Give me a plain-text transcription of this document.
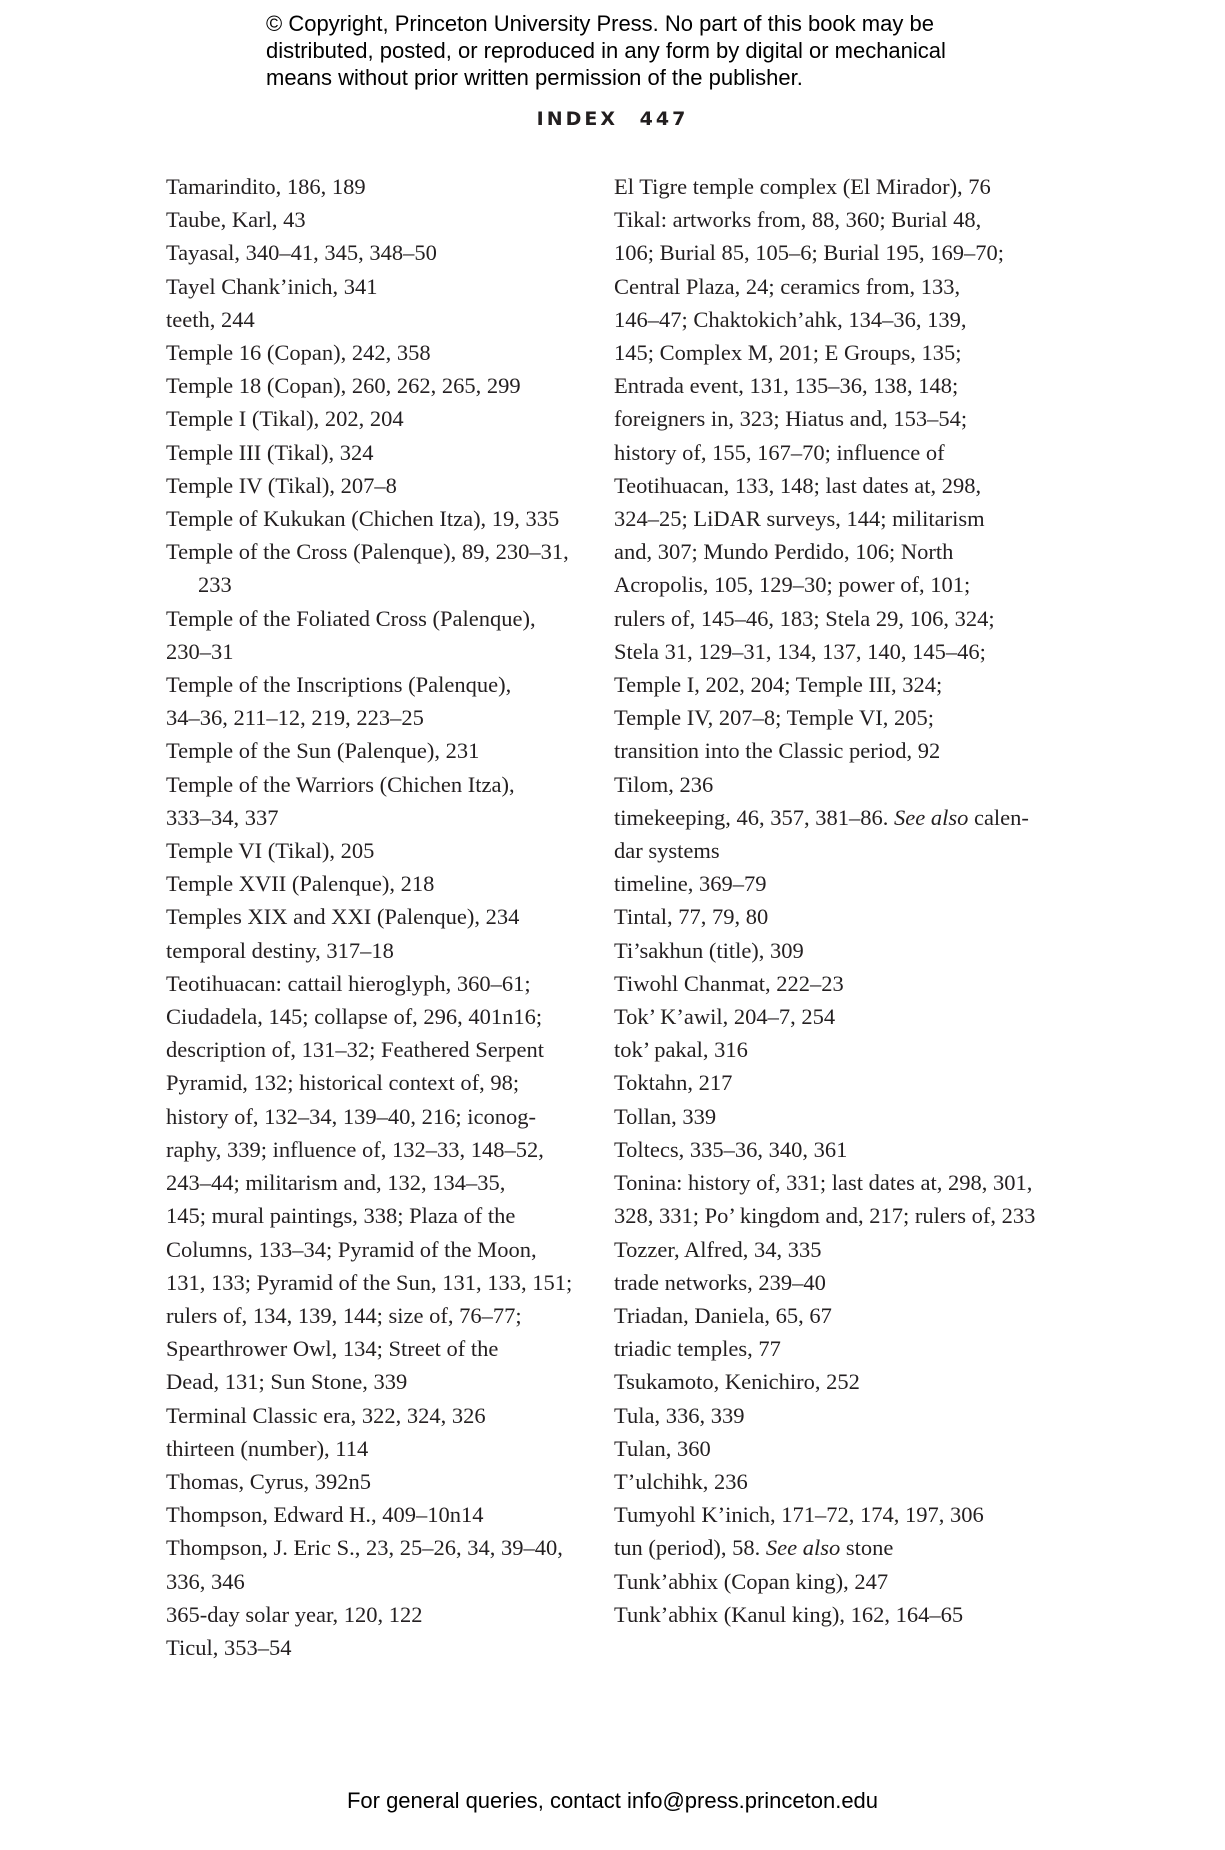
© Copyright, Princeton University Press. No part of this book may be
distributed, posted, or reproduced in any form by digital or mechanical
means without prior written permission of the publisher.
INDEX 447
Tamarindito, 186, 189
Taube, Karl, 43
Tayasal, 340–41, 345, 348–50
Tayel Chank’inich, 341
teeth, 244
Temple 16 (Copan), 242, 358
Temple 18 (Copan), 260, 262, 265, 299
Temple I (Tikal), 202, 204
Temple III (Tikal), 324
Temple IV (Tikal), 207–8
Temple of Kukukan (Chichen Itza), 19, 335
Temple of the Cross (Palenque), 89, 230–31, 233
Temple of the Foliated Cross (Palenque),
230–31
Temple of the Inscriptions (Palenque),
34–36, 211–12, 219, 223–25
Temple of the Sun (Palenque), 231
Temple of the Warriors (Chichen Itza),
333–34, 337
Temple VI (Tikal), 205
Temple XVII (Palenque), 218
Temples XIX and XXI (Palenque), 234
temporal destiny, 317–18
Teotihuacan: cattail hieroglyph, 360–61;
Ciudadela, 145; collapse of, 296, 401n16;
description of, 131–32; Feathered Serpent
Pyramid, 132; historical context of, 98;
history of, 132–34, 139–40, 216; iconog-
raphy, 339; influence of, 132–33, 148–52,
243–44; militarism and, 132, 134–35,
145; mural paintings, 338; Plaza of the
Columns, 133–34; Pyramid of the Moon,
131, 133; Pyramid of the Sun, 131, 133, 151;
rulers of, 134, 139, 144; size of, 76–77;
Spearthrower Owl, 134; Street of the
Dead, 131; Sun Stone, 339
Terminal Classic era, 322, 324, 326
thirteen (number), 114
Thomas, Cyrus, 392n5
Thompson, Edward H., 409–10n14
Thompson, J. Eric S., 23, 25–26, 34, 39–40,
336, 346
365-day solar year, 120, 122
Ticul, 353–54
El Tigre temple complex (El Mirador), 76
Tikal: artworks from, 88, 360; Burial 48,
106; Burial 85, 105–6; Burial 195, 169–70;
Central Plaza, 24; ceramics from, 133,
146–47; Chaktokich’ahk, 134–36, 139,
145; Complex M, 201; E Groups, 135;
Entrada event, 131, 135–36, 138, 148;
foreigners in, 323; Hiatus and, 153–54;
history of, 155, 167–70; influence of
Teotihuacan, 133, 148; last dates at, 298,
324–25; LiDAR surveys, 144; militarism
and, 307; Mundo Perdido, 106; North
Acropolis, 105, 129–30; power of, 101;
rulers of, 145–46, 183; Stela 29, 106, 324;
Stela 31, 129–31, 134, 137, 140, 145–46;
Temple I, 202, 204; Temple III, 324;
Temple IV, 207–8; Temple VI, 205;
transition into the Classic period, 92
Tilom, 236
timekeeping, 46, 357, 381–86. See also calen-
dar systems
timeline, 369–79
Tintal, 77, 79, 80
Ti’sakhun (title), 309
Tiwohl Chanmat, 222–23
Tok’ K’awil, 204–7, 254
tok’ pakal, 316
Toktahn, 217
Tollan, 339
Toltecs, 335–36, 340, 361
Tonina: history of, 331; last dates at, 298, 301,
328, 331; Po’ kingdom and, 217; rulers of, 233
Tozzer, Alfred, 34, 335
trade networks, 239–40
Triadan, Daniela, 65, 67
triadic temples, 77
Tsukamoto, Kenichiro, 252
Tula, 336, 339
Tulan, 360
T’ulchihk, 236
Tumyohl K’inich, 171–72, 174, 197, 306
tun (period), 58. See also stone
Tunk’abhix (Copan king), 247
Tunk’abhix (Kanul king), 162, 164–65
For general queries, contact info@press.princeton.edu
